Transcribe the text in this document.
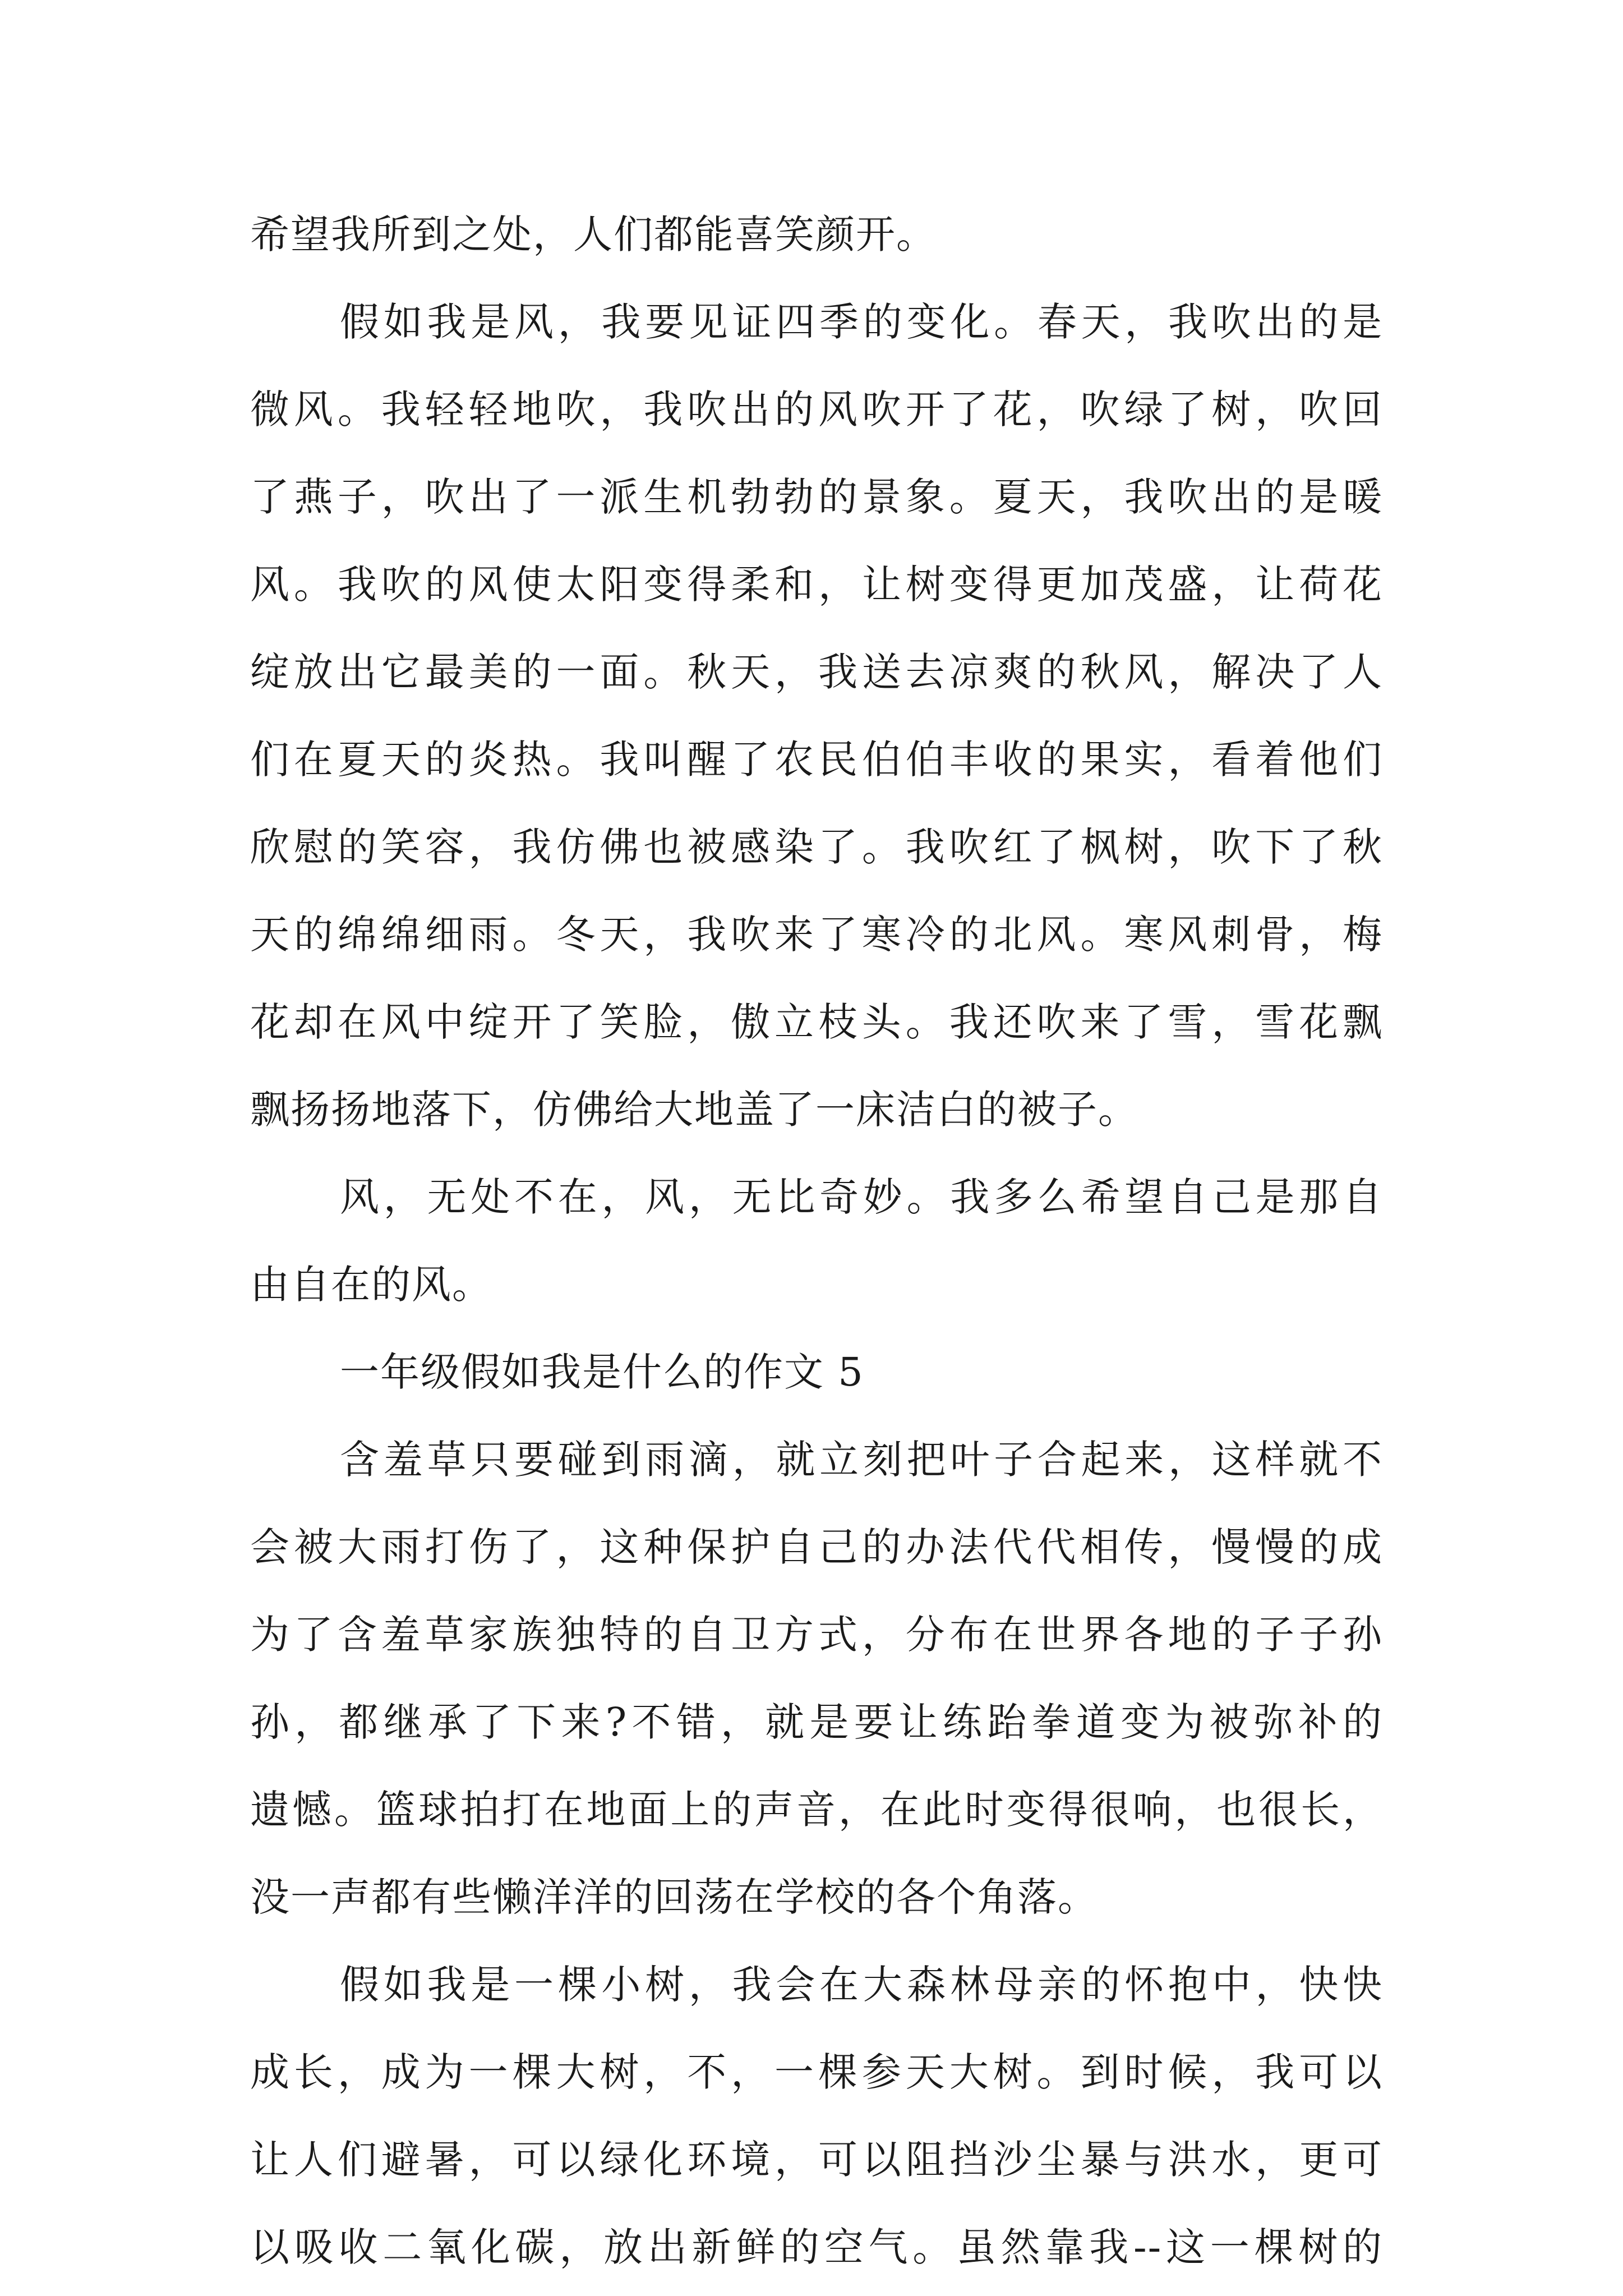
希望我所到之处，人们都能喜笑颜开。
假如我是风，我要见证四季的变化。春天，我吹出的是
微风。我轻轻地吹，我吹出的风吹开了花，吹绿了树，吹回
了燕子，吹出了一派生机勃勃的景象。夏天，我吹出的是暖
风。我吹的风使太阳变得柔和，让树变得更加茂盛，让荷花
绽放出它最美的一面。秋天，我送去凉爽的秋风，解决了人
们在夏天的炎热。我叫醒了农民伯伯丰收的果实，看着他们
欣慰的笑容，我仿佛也被感染了。我吹红了枫树，吹下了秋
天的绵绵细雨。冬天，我吹来了寒冷的北风。寒风刺骨，梅
花却在风中绽开了笑脸，傲立枝头。我还吹来了雪，雪花飘
飘扬扬地落下，仿佛给大地盖了一床洁白的被子。
风，无处不在，风，无比奇妙。我多么希望自己是那自
由自在的风。
一年级假如我是什么的作文 5
含羞草只要碰到雨滴，就立刻把叶子合起来，这样就不
会被大雨打伤了，这种保护自己的办法代代相传，慢慢的成
为了含羞草家族独特的自卫方式，分布在世界各地的子子孙
孙，都继承了下来?不错，就是要让练跆拳道变为被弥补的
遗憾。篮球拍打在地面上的声音，在此时变得很响，也很长，
没一声都有些懒洋洋的回荡在学校的各个角落。
假如我是一棵小树，我会在大森林母亲的怀抱中，快快
成长，成为一棵大树，不，一棵参天大树。到时候，我可以
让人们避暑，可以绿化环境，可以阻挡沙尘暴与洪水，更可
以吸收二氧化碳，放出新鲜的空气。虽然靠我--这一棵树的
